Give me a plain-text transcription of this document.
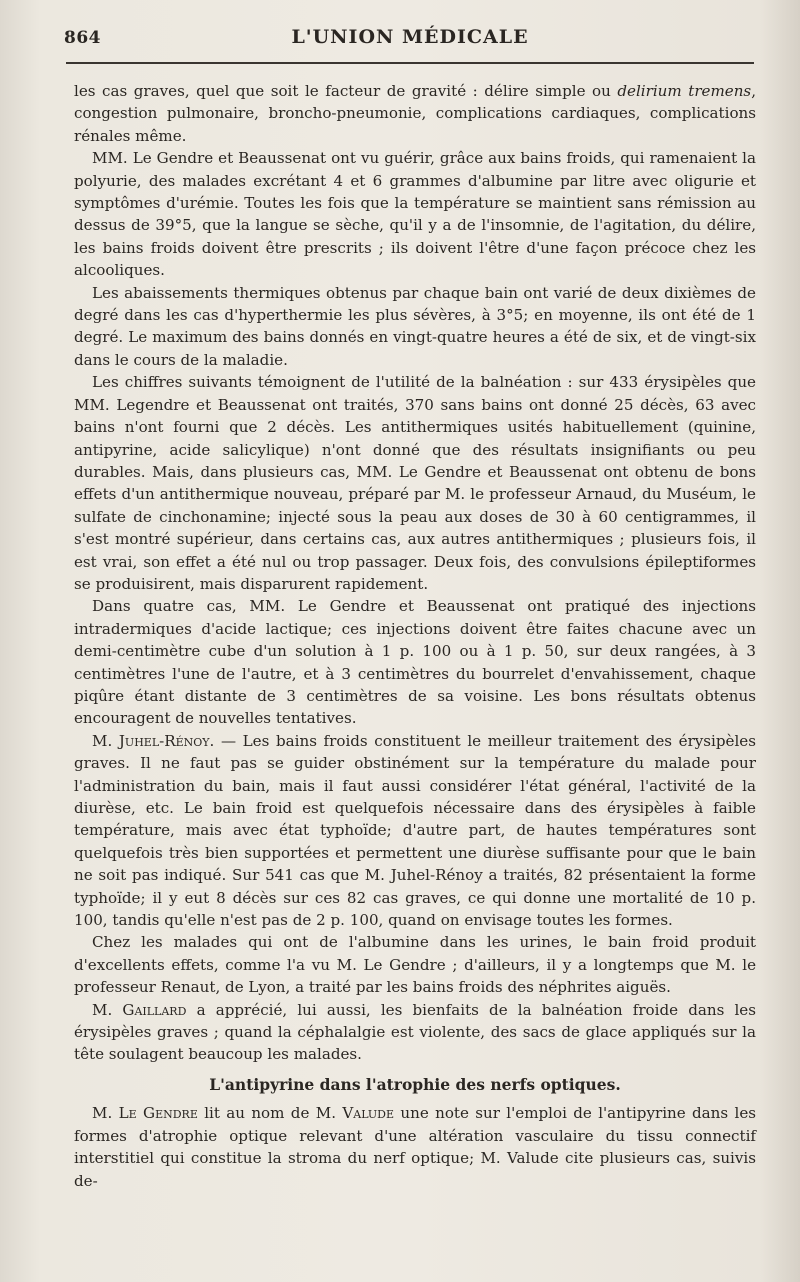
864	L'UNION MÉDICALE

les cas graves, quel que soit le facteur de gravité : délire simple ou delirium tremens, congestion pulmonaire, broncho-pneumonie, complications cardiaques, complications rénales même.

MM. Le Gendre et Beaussenat ont vu guérir, grâce aux bains froids, qui ramenaient la polyurie, des malades excrétant 4 et 6 grammes d'albumine par litre avec oligurie et symptômes d'urémie. Toutes les fois que la température se maintient sans rémission au dessus de 39°5, que la langue se sèche, qu'il y a de l'insomnie, de l'agitation, du délire, les bains froids doivent être prescrits ; ils doivent l'être d'une façon précoce chez les alcooliques.

Les abaissements thermiques obtenus par chaque bain ont varié de deux dixièmes de degré dans les cas d'hyperthermie les plus sévères, à 3°5; en moyenne, ils ont été de 1 degré. Le maximum des bains donnés en vingt-quatre heures a été de six, et de vingt-six dans le cours de la maladie.

Les chiffres suivants témoignent de l'utilité de la balnéation : sur 433 érysipèles que MM. Legendre et Beaussenat ont traités, 370 sans bains ont donné 25 décès, 63 avec bains n'ont fourni que 2 décès. Les antithermiques usités habituellement (quinine, antipyrine, acide salicylique) n'ont donné que des résultats insignifiants ou peu durables. Mais, dans plusieurs cas, MM. Le Gendre et Beaussenat ont obtenu de bons effets d'un antithermique nouveau, préparé par M. le professeur Arnaud, du Muséum, le sulfate de cinchonamine; injecté sous la peau aux doses de 30 à 60 centigrammes, il s'est montré supérieur, dans certains cas, aux autres antithermiques ; plusieurs fois, il est vrai, son effet a été nul ou trop passager. Deux fois, des convulsions épileptiformes se produisirent, mais disparurent rapidement.

Dans quatre cas, MM. Le Gendre et Beaussenat ont pratiqué des injections intradermiques d'acide lactique; ces injections doivent être faites chacune avec un demi-centimètre cube d'un solution à 1 p. 100 ou à 1 p. 50, sur deux rangées, à 3 centimètres l'une de l'autre, et à 3 centimètres du bourrelet d'envahissement, chaque piqûre étant distante de 3 centimètres de sa voisine. Les bons résultats obtenus encouragent de nouvelles tentatives.

M. Juhel-Rénoy. — Les bains froids constituent le meilleur traitement des érysipèles graves. Il ne faut pas se guider obstinément sur la température du malade pour l'administration du bain, mais il faut aussi considérer l'état général, l'activité de la diurèse, etc. Le bain froid est quelquefois nécessaire dans des érysipèles à faible température, mais avec état typhoïde; d'autre part, de hautes températures sont quelquefois très bien supportées et permettent une diurèse suffisante pour que le bain ne soit pas indiqué. Sur 541 cas que M. Juhel-Rénoy a traités, 82 présentaient la forme typhoïde; il y eut 8 décès sur ces 82 cas graves, ce qui donne une mortalité de 10 p. 100, tandis qu'elle n'est pas de 2 p. 100, quand on envisage toutes les formes.

Chez les malades qui ont de l'albumine dans les urines, le bain froid produit d'excellents effets, comme l'a vu M. Le Gendre ; d'ailleurs, il y a longtemps que M. le professeur Renaut, de Lyon, a traité par les bains froids des néphrites aiguës.

M. Gaillard a apprécié, lui aussi, les bienfaits de la balnéation froide dans les érysipèles graves ; quand la céphalalgie est violente, des sacs de glace appliqués sur la tête soulagent beaucoup les malades.

L'antipyrine dans l'atrophie des nerfs optiques.

M. Le Gendre lit au nom de M. Valude une note sur l'emploi de l'antipyrine dans les formes d'atrophie optique relevant d'une altération vasculaire du tissu connectif interstitiel qui constitue la stroma du nerf optique; M. Valude cite plusieurs cas, suivis de-
